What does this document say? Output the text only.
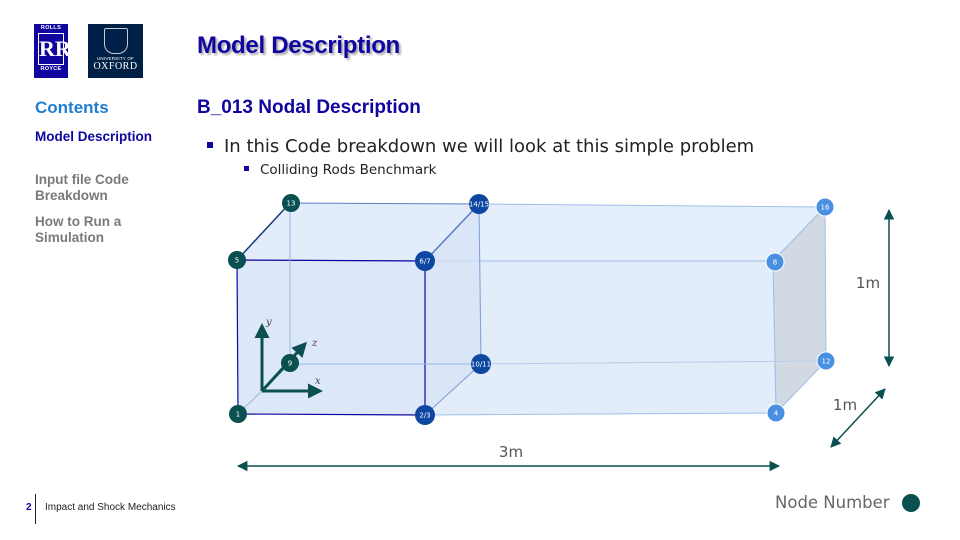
ROLLS
RR
ROYCE
UNIVERSITY OF
OXFORD
Model Description
Contents
Model Description
Input file Code Breakdown
How to Run a Simulation
B_013 Nodal Description
In this Code breakdown we will look at this simple problem
Colliding Rods Benchmark
y
x
z
1m
1m
3m
13	14/15	16
5	6/7	8
9	10/11	12
1	2/3	4
Node Number
2 Impact and Shock Mechanics
